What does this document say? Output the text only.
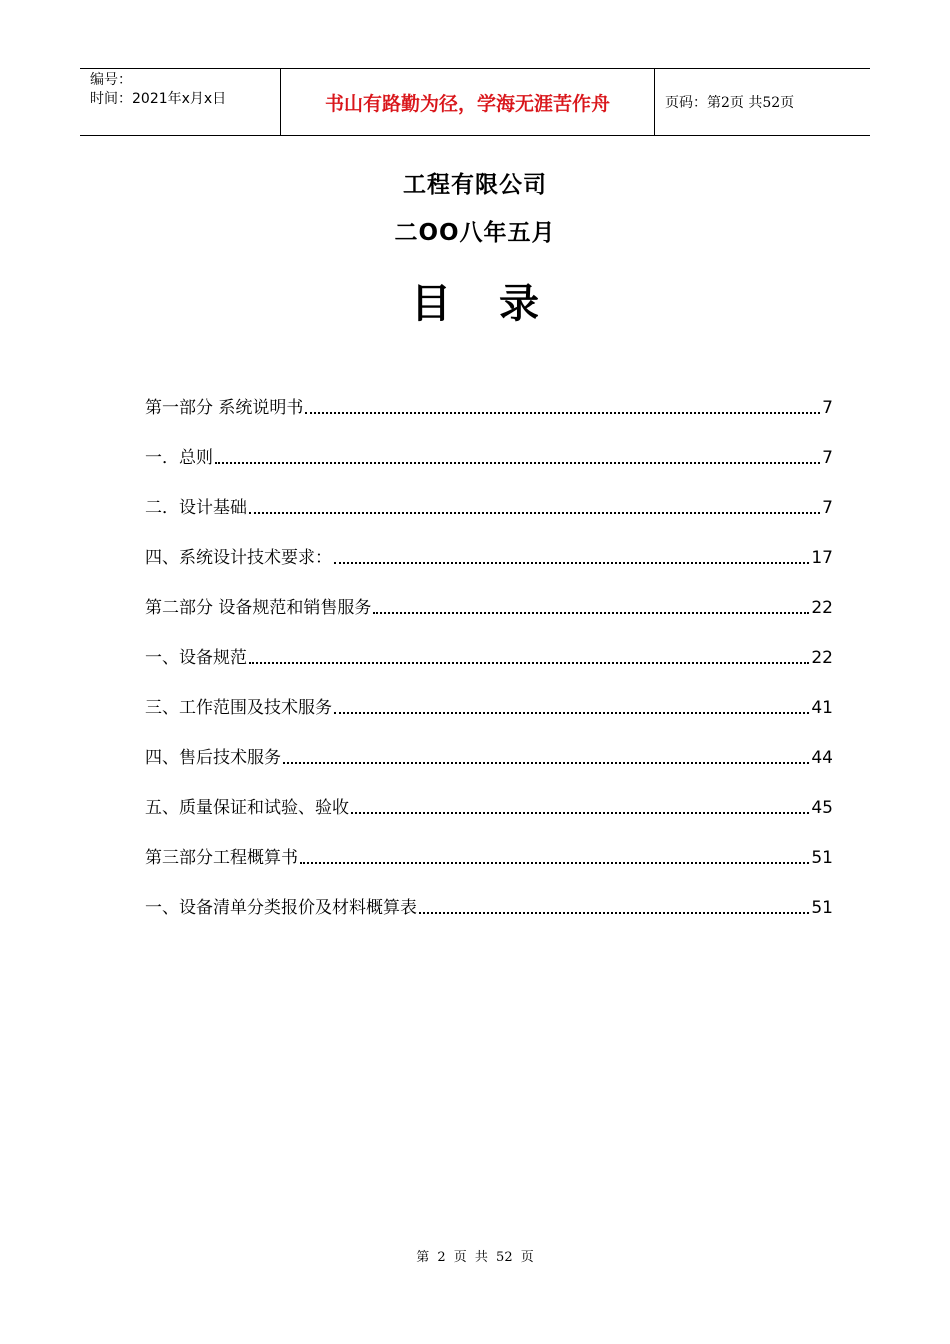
编号：
时间：2021年x月x日	书山有路勤为径，学海无涯苦作舟	页码：第2页 共52页
工程有限公司
二OO八年五月
目 录
第一部分 系统说明书	7
一．总则	7
二．设计基础	7
四、系统设计技术要求：	17
第二部分 设备规范和销售服务	22
一、设备规范	22
三、工作范围及技术服务	41
四、售后技术服务	44
五、质量保证和试验、验收	45
第三部分工程概算书	51
一、设备清单分类报价及材料概算表	51
第 2 页 共 52 页
